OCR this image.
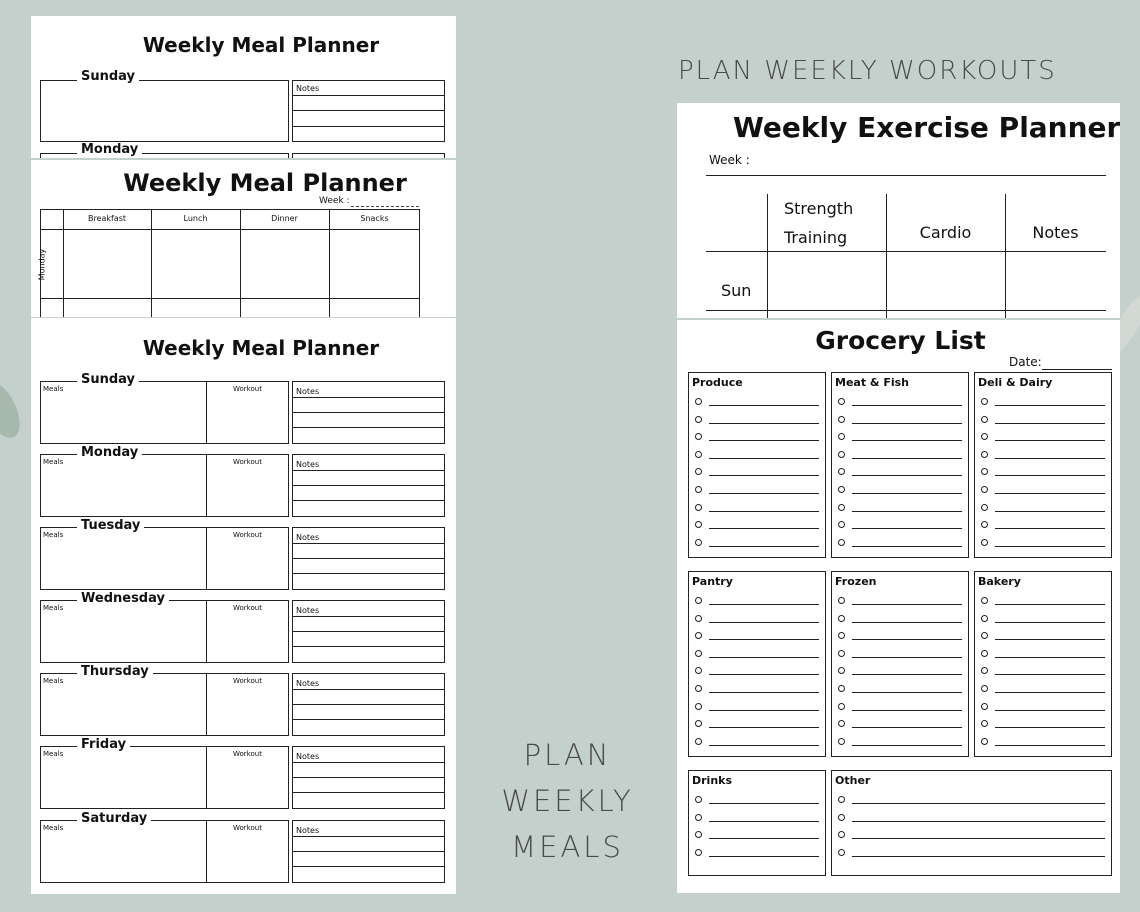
Weekly Meal Planner
Sunday
Notes
Monday
Weekly Meal Planner
Week :
Breakfast	Lunch	Dinner	Snacks
Monday
Weekly Meal Planner
Sunday
Meals	Workout	Notes
Monday
Meals	Workout	Notes
Tuesday
Meals	Workout	Notes
Wednesday
Meals	Workout	Notes
Thursday
Meals	Workout	Notes
Friday
Meals	Workout	Notes
Saturday
Meals	Workout	Notes
PLAN WEEKLY WORKOUTS
PLAN
WEEKLY
MEALS
Weekly Exercise Planner
Week :
Strength
Training	Cardio	Notes
Sun
Grocery List
Date:
Produce	Meat & Fish	Deli & Dairy
Pantry	Frozen	Bakery
Drinks	Other
